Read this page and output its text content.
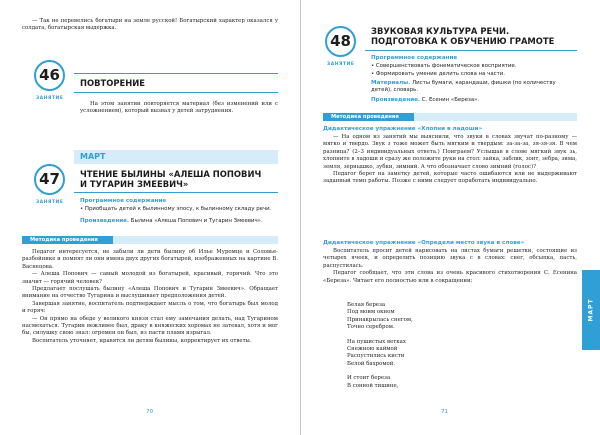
— Так не перевелись богатыри на земле русской! Богатырский характер оказался у солдата, богатырская выдержка.

46
ЗАНЯТИЕ
ПОВТОРЕНИЕ

На этом занятии повторяется материал (без изменений или с усложнением), который вызвал у детей затруднения.

МАРТ
47
ЗАНЯТИЕ
ЧТЕНИЕ БЫЛИНЫ «АЛЕША ПОПОВИЧ
И ТУГАРИН ЗМЕЕВИЧ»
Программное содержание
• Приобщать детей к былинному эпосу, к былинному складу речи.
Произведение. Былина «Алеша Попович и Тугарин Змеевич».
Методика проведения

Педагог интересуется, не забыли ли дети былину об Илье Муромце и Соловье-разбойнике и помнят ли они имена двух других богатырей, изображенных на картине В. Васнецова.

— Алеша Попович — самый молодой из богатырей, красивый, горячий. Что это значит — горячий человек?

Предлагает послушать былину «Алеша Попович и Тугарин Змеевич». Обращает внимание на отчество Тугарина и выслушивает предположения детей.

Завершая занятие, воспитатель подтверждает мысль о том, что богатырь был молод и горяч:

— Он прямо на обеде у великого князя стал ему замечания делать, над Тугарином насмехаться. Тугарин вежливее был, драку в княжеских хоромах не затевал, хотя и мог бы, силушку свою знал: огромен он был, из пасти пламя изрыгал.

Воспитатель уточняет, нравятся ли детям былины, корректирует их ответы.

70
48
ЗАНЯТИЕ
ЗВУКОВАЯ КУЛЬТУРА РЕЧИ.
ПОДГОТОВКА К ОБУЧЕНИЮ ГРАМОТЕ
Программное содержание
• Совершенствовать фонематическое восприятие.
• Формировать умение делить слова на части.
Материалы. Листы бумаги, карандаши, фишки (по количеству детей), словарь.
Произведение. С. Есенин «Береза».
Методика проведения
Дидактическое упражнение «Хлопни в ладоши»

— На одном из занятий мы выяснили, что звуки в словах звучат по-разному — мягко и твердо. Звук з тоже может быть мягким и твердым: за-за-за, зя-зя-зя. В чем разница? (2–3 индивидуальных ответа.) Поиграем? Услышав в слове мягкий звук зь, хлопните в ладоши и сразу же положите руки на стол: зайка, заблик, зонт, зебра, зима, земля, зернышко, зубки, зимний. А что обозначает слово зимний (голос)?

Педагог берет на заметку детей, которые часто ошибаются или не выдерживают заданный темп работы. Позже с ними следует поработать индивидуально.

Дидактическое упражнение «Определи место звука в слове»

Воспитатель просит детей нарисовать на листах бумаги решетки, состоящие из четырех ячеек, и определить позицию звука с в словах: снег, обсыпка, пасть, распустилась.

Педагог сообщает, что эти слова из очень красивого стихотворения С. Есенина «Береза». Читает его полностью или в сокращении:

Белая береза
Под моим окном
Принакрылась снегом,
Точно серебром.
На пушистых ветках
Снежною каймой
Распустились кисти
Белой бахромой.
И стоит береза
В сонной тишине,
71
МАРТ
